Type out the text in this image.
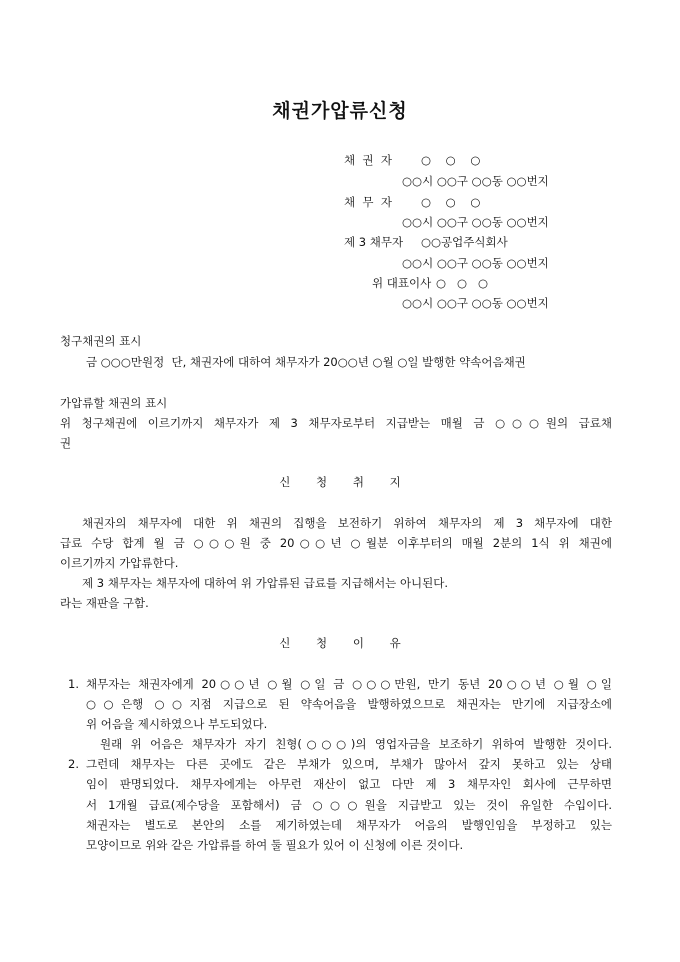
채권가압류신청
채  권  자	○    ○    ○
○○시 ○○구 ○○동 ○○번지
채  무  자	○    ○    ○
○○시 ○○구 ○○동 ○○번지
제 3 채무자 ○○공업주식회사
○○시 ○○구 ○○동 ○○번지
위 대표이사 ○   ○   ○
○○시 ○○구 ○○동 ○○번지
청구채권의 표시
금 ○○○만원정  단, 채권자에 대하여 채무자가 20○○년 ○월 ○일 발행한 약속어음채권
가압류할 채권의 표시
위 청구채권에 이르기까지 채무자가 제 3 채무자로부터 지급받는 매월 금 ○○○원의 급료채
권
신 청 취 지
채권자의 채무자에 대한 위 채권의 집행을 보전하기 위하여 채무자의 제 3 채무자에 대한
급료 수당 합계 월 금 ○○○원 중 20○○년 ○월분 이후부터의 매월 2분의 1식 위 채권에
이르기까지 가압류한다.
제 3 채무자는 채무자에 대하여 위 가압류된 급료를 지급해서는 아니된다.
라는 재판을 구함.
신 청 이 유
1. 채무자는 채권자에게 20○○년 ○월 ○일 금 ○○○만원, 만기 동년 20○○년 ○월 ○일
○○은행 ○○지점 지급으로 된 약속어음을 발행하였으므로 채권자는 만기에 지급장소에
위 어음을 제시하였으나 부도되었다.
원래 위 어음은 채무자가 자기 친형(○○○)의 영업자금을 보조하기 위하여 발행한 것이다.
2. 그런데 채무자는 다른 곳에도 같은 부채가 있으며, 부채가 많아서 갚지 못하고 있는 상태
임이 판명되었다. 채무자에게는 아무런 재산이 없고 다만 제 3 채무자인 회사에 근무하면
서 1개월 급료(제수당을 포함해서) 금 ○○○원을 지급받고 있는 것이 유일한 수입이다.
채권자는 별도로 본안의 소를 제기하였는데 채무자가 어음의 발행인임을 부정하고 있는
모양이므로 위와 같은 가압류를 하여 둘 필요가 있어 이 신청에 이른 것이다.
